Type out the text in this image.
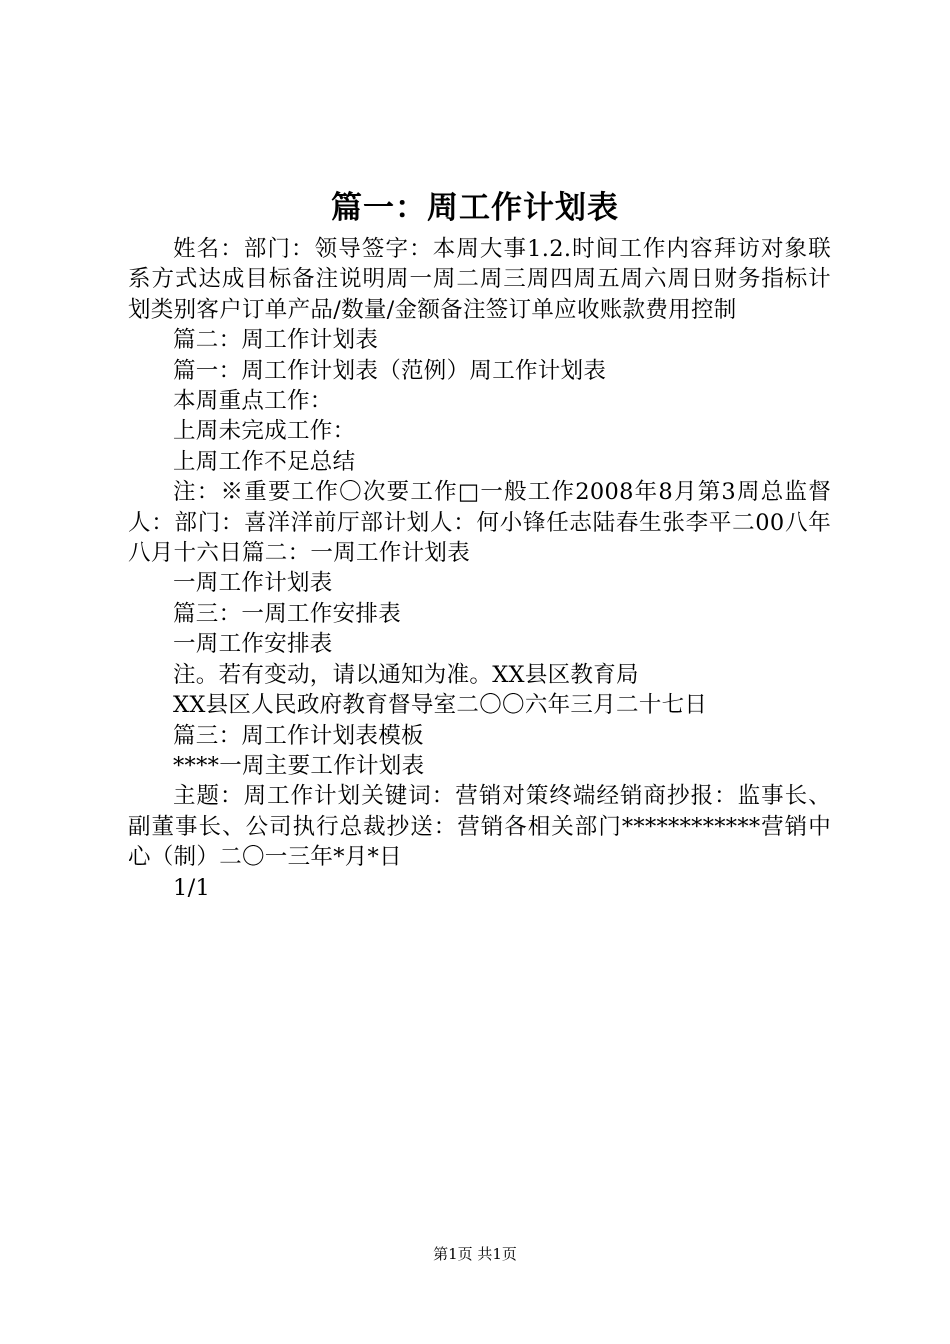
篇一：周工作计划表

姓名：部门：领导签字：本周大事1.2.时间工作内容拜访对象联系方式达成目标备注说明周一周二周三周四周五周六周日财务指标计划类别客户订单产品/数量/金额备注签订单应收账款费用控制

篇二：周工作计划表

篇一：周工作计划表（范例）周工作计划表

本周重点工作：

上周未完成工作：

上周工作不足总结

注：※重要工作〇次要工作□一般工作2008年8月第3周总监督人：部门：喜洋洋前厅部计划人：何小锋任志陆春生张李平二00八年八月十六日篇二：一周工作计划表

一周工作计划表

篇三：一周工作安排表

一周工作安排表

注。若有变动，请以通知为准。XX县区教育局

XX县区人民政府教育督导室二〇〇六年三月二十七日

篇三：周工作计划表模板

****一周主要工作计划表

主题：周工作计划关键词：营销对策终端经销商抄报：监事长、副董事长、公司执行总裁抄送：营销各相关部门************营销中心（制）二〇一三年*月*日

1/1

第1页 共1页
